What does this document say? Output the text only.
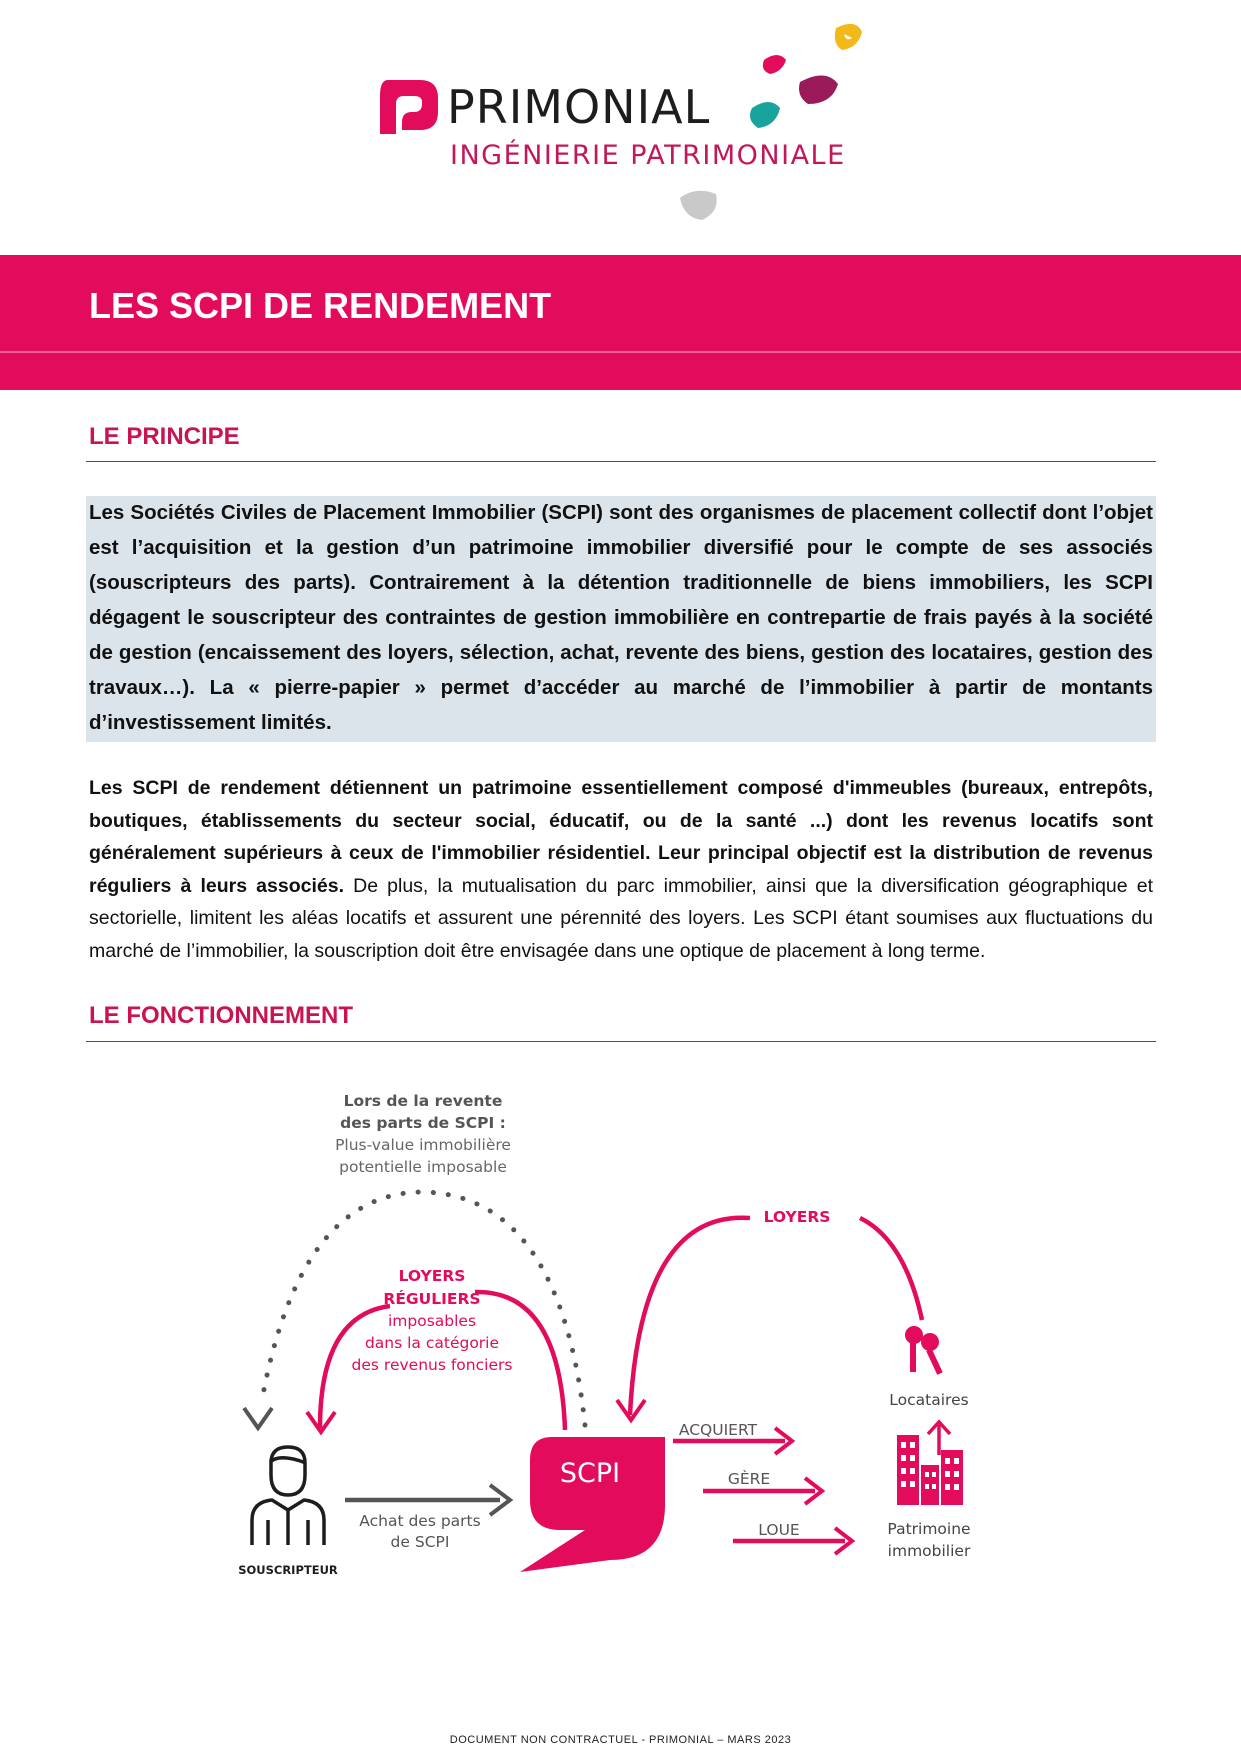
PRIMONIAL
INGÉNIERIE PATRIMONIALE
LES SCPI DE RENDEMENT
LE PRINCIPE

Les Sociétés Civiles de Placement Immobilier (SCPI) sont des organismes de placement collectif dont l’objet est l’acquisition et la gestion d’un patrimoine immobilier diversifié pour le compte de ses associés (souscripteurs des parts). Contrairement à la détention traditionnelle de biens immobiliers, les SCPI dégagent le souscripteur des contraintes de gestion immobilière en contrepartie de frais payés à la société de gestion (encaissement des loyers, sélection, achat, revente des biens, gestion des locataires, gestion des travaux…). La « pierre-papier » permet d’accéder au marché de l’immobilier à partir de montants d’investissement limités.

Les SCPI de rendement détiennent un patrimoine essentiellement composé d'immeubles (bureaux, entrepôts, boutiques, établissements du secteur social, éducatif, ou de la santé ...) dont les revenus locatifs sont généralement supérieurs à ceux de l'immobilier résidentiel. Leur principal objectif est la distribution de revenus réguliers à leurs associés. De plus, la mutualisation du parc immobilier, ainsi que la diversification géographique et sectorielle, limitent les aléas locatifs et assurent une pérennité des loyers. Les SCPI étant soumises aux fluctuations du marché de l’immobilier, la souscription doit être envisagée dans une optique de placement à long terme.

LE FONCTIONNEMENT
Lors de la revente
des parts de SCPI :
Plus-value immobilière
potentielle imposable
LOYERS
RÉGULIERS
imposables
dans la catégorie
des revenus fonciers
LOYERS
SOUSCRIPTEUR
Achat des parts
de SCPI
SCPI
ACQUIERT
GÈRE
LOUE
Locataires
Patrimoine
immobilier
DOCUMENT NON CONTRACTUEL - PRIMONIAL – MARS 2023
